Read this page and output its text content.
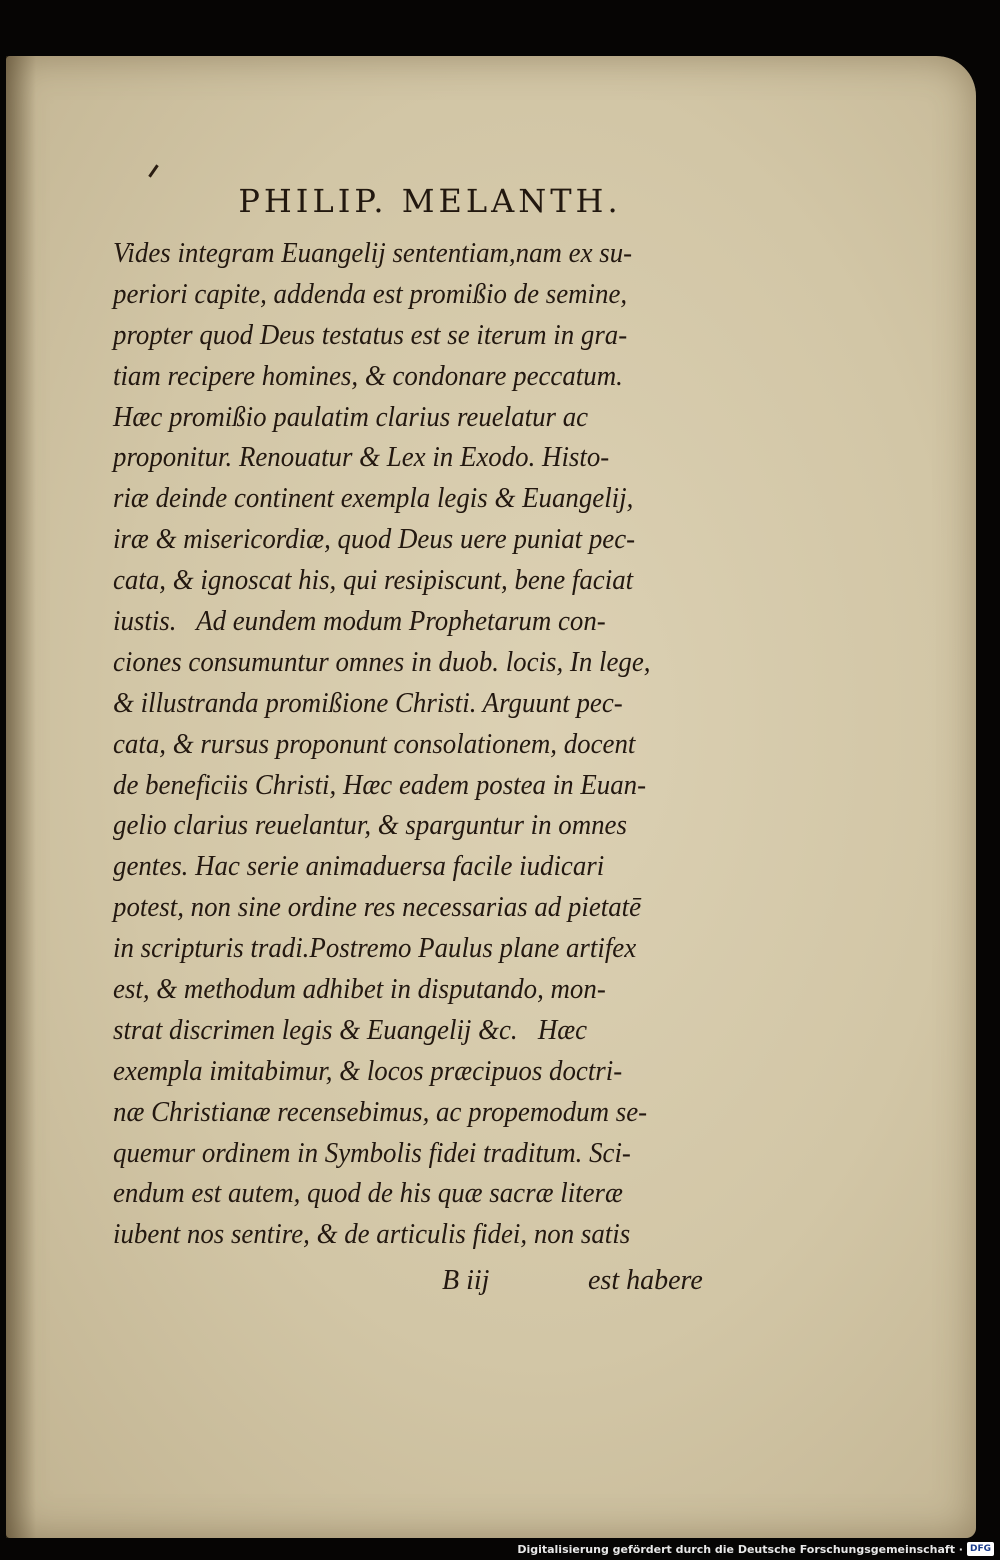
PHILIP. MELANTH.
Vides integram Euangelij sententiam,nam ex su-
periori capite, addenda est promißio de semine,
propter quod Deus testatus est se iterum in gra-
tiam recipere homines, & condonare peccatum.
Hæc promißio paulatim clarius reuelatur ac
proponitur. Renouatur & Lex in Exodo. Histo-
riæ deinde continent exempla legis & Euangelij,
iræ & misericordiæ, quod Deus uere puniat pec-
cata, & ignoscat his, qui resipiscunt, bene faciat
iustis.   Ad eundem modum Prophetarum con-
ciones consumuntur omnes in duob. locis, In lege,
& illustranda promißione Christi. Arguunt pec-
cata, & rursus proponunt consolationem, docent
de beneficiis Christi, Hæc eadem postea in Euan-
gelio clarius reuelantur, & sparguntur in omnes
gentes. Hac serie animaduersa facile iudicari
potest, non sine ordine res necessarias ad pietatē
in scripturis tradi.Postremo Paulus plane artifex
est, & methodum adhibet in disputando, mon-
strat discrimen legis & Euangelij &c.   Hæc
exempla imitabimur, & locos præcipuos doctri-
næ Christianæ recensebimus, ac propemodum se-
quemur ordinem in Symbolis fidei traditum. Sci-
endum est autem, quod de his quæ sacræ literæ
iubent nos sentire, & de articulis fidei, non satis
B iij	est habere
Digitalisierung gefördert durch die Deutsche Forschungsgemeinschaft · DFG
